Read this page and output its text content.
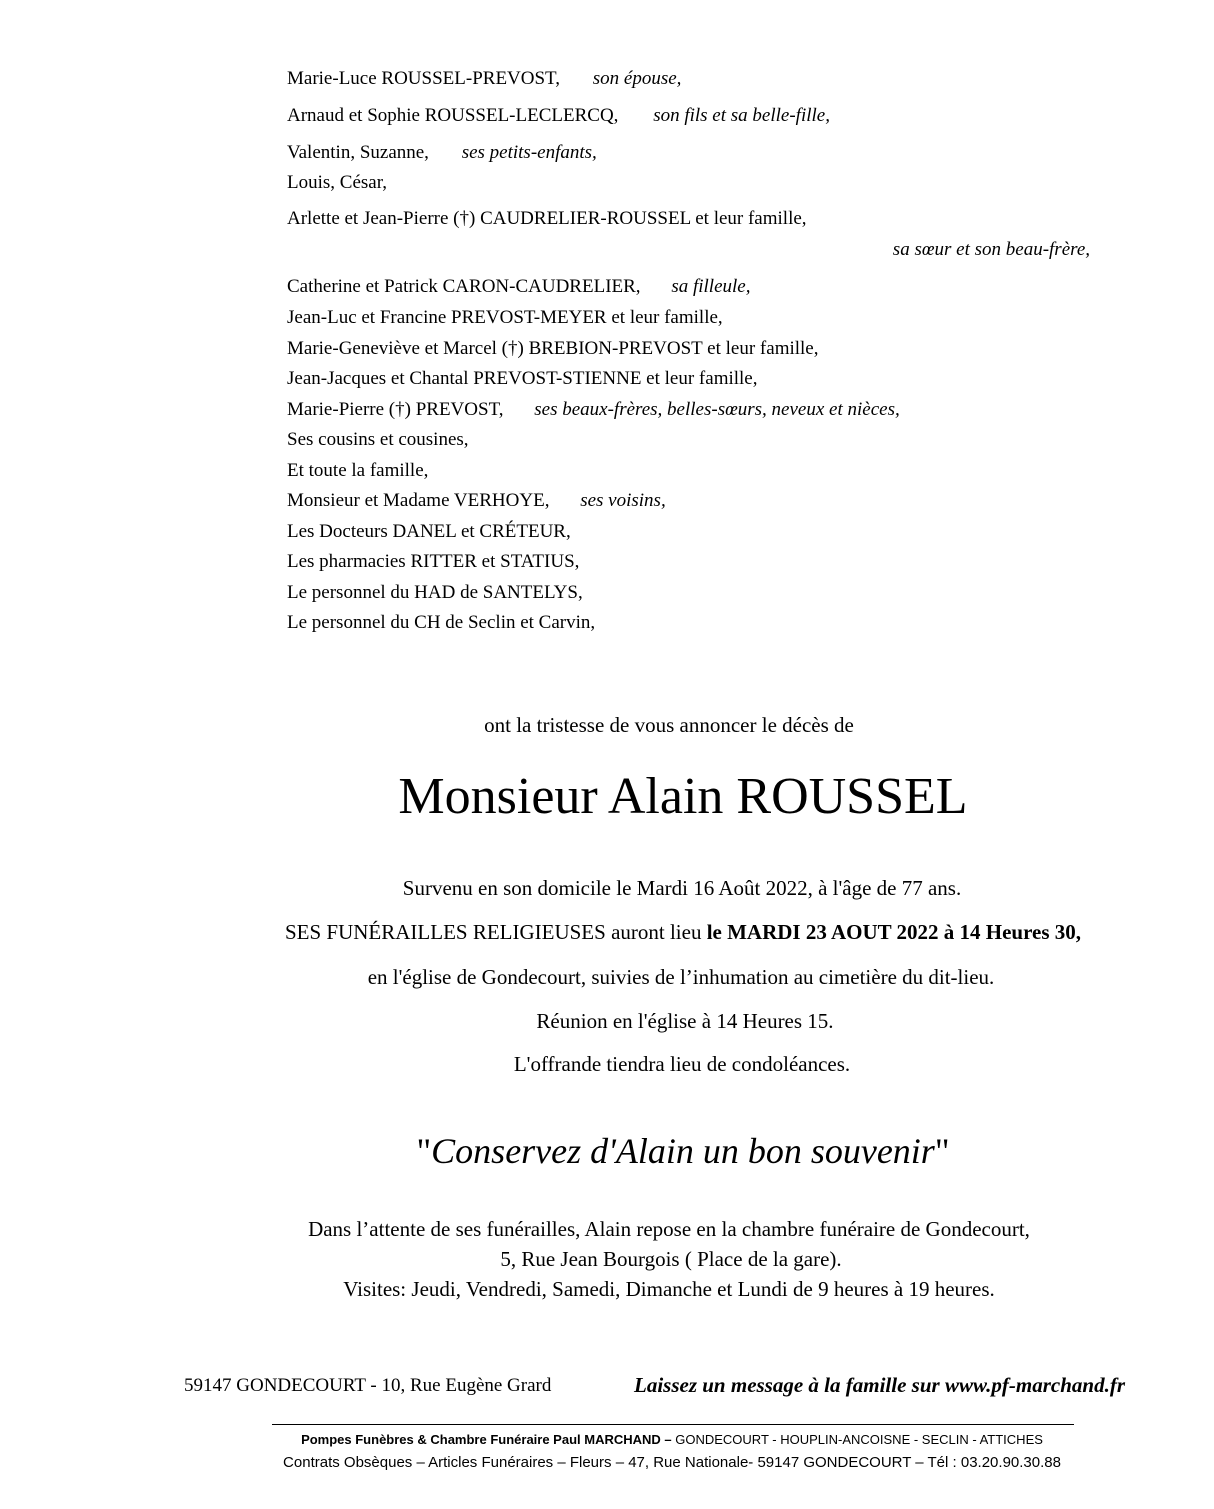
Marie-Luce ROUSSEL-PREVOST, son épouse,
Arnaud et Sophie ROUSSEL-LECLERCQ, son fils et sa belle-fille,
Valentin, Suzanne, ses petits-enfants,
Louis, César,
Arlette et Jean-Pierre (†) CAUDRELIER-ROUSSEL et leur famille,
sa sœur et son beau-frère,
Catherine et Patrick CARON-CAUDRELIER, sa filleule,
Jean-Luc et Francine PREVOST-MEYER et leur famille,
Marie-Geneviève et Marcel (†) BREBION-PREVOST et leur famille,
Jean-Jacques et Chantal PREVOST-STIENNE et leur famille,
Marie-Pierre (†) PREVOST, ses beaux-frères, belles-sœurs, neveux et nièces,
Ses cousins et cousines,
Et toute la famille,
Monsieur et Madame VERHOYE, ses voisins,
Les Docteurs DANEL et CRÉTEUR,
Les pharmacies RITTER et STATIUS,
Le personnel du HAD de SANTELYS,
Le personnel du CH de Seclin et Carvin,
ont la tristesse de vous annoncer le décès de
Monsieur Alain ROUSSEL
Survenu en son domicile le Mardi 16 Août 2022, à l'âge de 77 ans.
SES FUNÉRAILLES RELIGIEUSES auront lieu le MARDI 23 AOUT 2022 à 14 Heures 30,
en l'église de Gondecourt, suivies de l’inhumation au cimetière du dit-lieu.
Réunion en l'église à 14 Heures 15.
L'offrande tiendra lieu de condoléances.
"Conservez d'Alain un bon souvenir"
Dans l’attente de ses funérailles, Alain repose en la chambre funéraire de Gondecourt,
5, Rue Jean Bourgois ( Place de la gare).
Visites: Jeudi, Vendredi, Samedi, Dimanche et Lundi de 9 heures à 19 heures.
59147 GONDECOURT - 10, Rue Eugène Grard	Laissez un message à la famille sur www.pf-marchand.fr
Pompes Funèbres & Chambre Funéraire Paul MARCHAND – GONDECOURT - HOUPLIN-ANCOISNE - SECLIN - ATTICHES
Contrats Obsèques – Articles Funéraires – Fleurs – 47, Rue Nationale- 59147 GONDECOURT – Tél : 03.20.90.30.88
